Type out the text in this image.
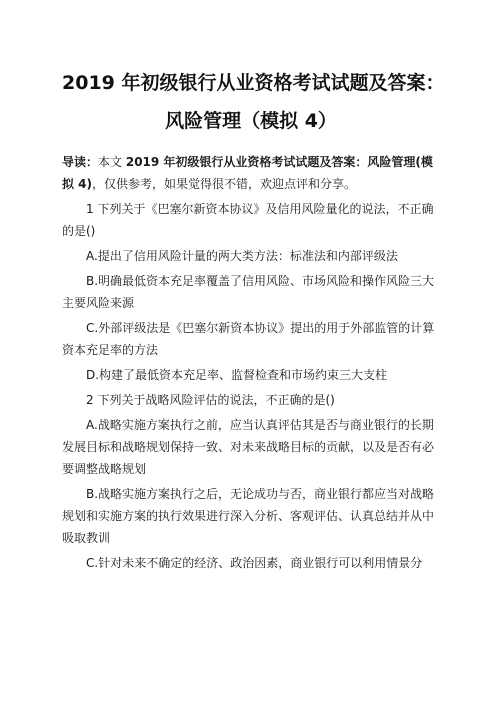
2019 年初级银行从业资格考试试题及答案：
风险管理（模拟 4）

导读：本文 2019 年初级银行从业资格考试试题及答案：风险管理(模拟 4)，仅供参考，如果觉得很不错，欢迎点评和分享。

1 下列关于《巴塞尔新资本协议》及信用风险量化的说法，不正确的是()

A.提出了信用风险计量的两大类方法：标准法和内部评级法

B.明确最低资本充足率覆盖了信用风险、市场风险和操作风险三大主要风险来源

C.外部评级法是《巴塞尔新资本协议》提出的用于外部监管的计算资本充足率的方法

D.构建了最低资本充足率、监督检查和市场约束三大支柱

2 下列关于战略风险评估的说法，不正确的是()

A.战略实施方案执行之前，应当认真评估其是否与商业银行的长期发展目标和战略规划保持一致、对未来战略目标的贡献，以及是否有必要调整战略规划

B.战略实施方案执行之后，无论成功与否，商业银行都应当对战略规划和实施方案的执行效果进行深入分析、客观评估、认真总结并从中吸取教训

C.针对未来不确定的经济、政治因素，商业银行可以利用情景分
